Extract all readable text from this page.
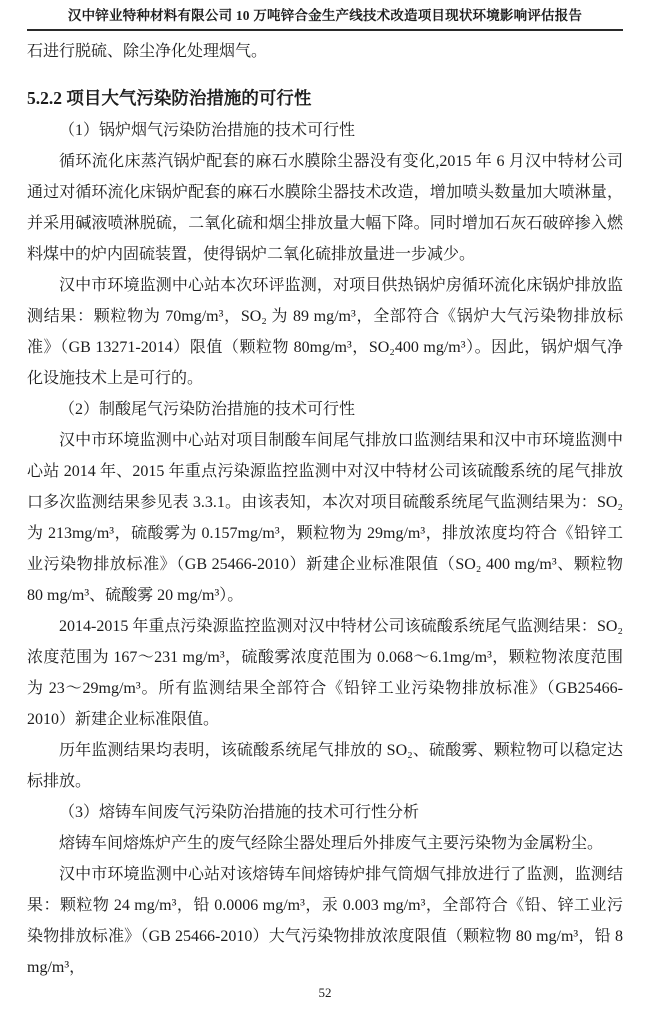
汉中锌业特种材料有限公司 10 万吨锌合金生产线技术改造项目现状环境影响评估报告

石进行脱硫、除尘净化处理烟气。

5.2.2 项目大气污染防治措施的可行性

（1）锅炉烟气污染防治措施的技术可行性

循环流化床蒸汽锅炉配套的麻石水膜除尘器没有变化,2015 年 6 月汉中特材公司通过对循环流化床锅炉配套的麻石水膜除尘器技术改造，增加喷头数量加大喷淋量，并采用碱液喷淋脱硫，二氧化硫和烟尘排放量大幅下降。同时增加石灰石破碎掺入燃料煤中的炉内固硫装置，使得锅炉二氧化硫排放量进一步减少。

汉中市环境监测中心站本次环评监测，对项目供热锅炉房循环流化床锅炉排放监测结果：颗粒物为 70mg/m³，SO₂ 为 89 mg/m³，全部符合《锅炉大气污染物排放标准》（GB 13271-2014）限值（颗粒物 80mg/m³，SO₂400 mg/m³）。因此，锅炉烟气净化设施技术上是可行的。

（2）制酸尾气污染防治措施的技术可行性

汉中市环境监测中心站对项目制酸车间尾气排放口监测结果和汉中市环境监测中心站 2014 年、2015 年重点污染源监控监测中对汉中特材公司该硫酸系统的尾气排放口多次监测结果参见表 3.3.1。由该表知，本次对项目硫酸系统尾气监测结果为：SO₂ 为 213mg/m³，硫酸雾为 0.157mg/m³，颗粒物为 29mg/m³，排放浓度均符合《铅锌工业污染物排放标准》（GB 25466-2010）新建企业标准限值（SO₂ 400 mg/m³、颗粒物 80 mg/m³、硫酸雾 20 mg/m³）。

2014-2015 年重点污染源监控监测对汉中特材公司该硫酸系统尾气监测结果：SO₂ 浓度范围为 167～231 mg/m³，硫酸雾浓度范围为 0.068～6.1mg/m³，颗粒物浓度范围为 23～29mg/m³。所有监测结果全部符合《铅锌工业污染物排放标准》（GB25466-2010）新建企业标准限值。

历年监测结果均表明，该硫酸系统尾气排放的 SO₂、硫酸雾、颗粒物可以稳定达标排放。

（3）熔铸车间废气污染防治措施的技术可行性分析

熔铸车间熔炼炉产生的废气经除尘器处理后外排废气主要污染物为金属粉尘。

汉中市环境监测中心站对该熔铸车间熔铸炉排气筒烟气排放进行了监测，监测结果：颗粒物 24 mg/m³，铅 0.0006 mg/m³，汞 0.003 mg/m³，全部符合《铅、锌工业污染物排放标准》（GB 25466-2010）大气污染物排放浓度限值（颗粒物 80 mg/m³，铅 8 mg/m³，

52
